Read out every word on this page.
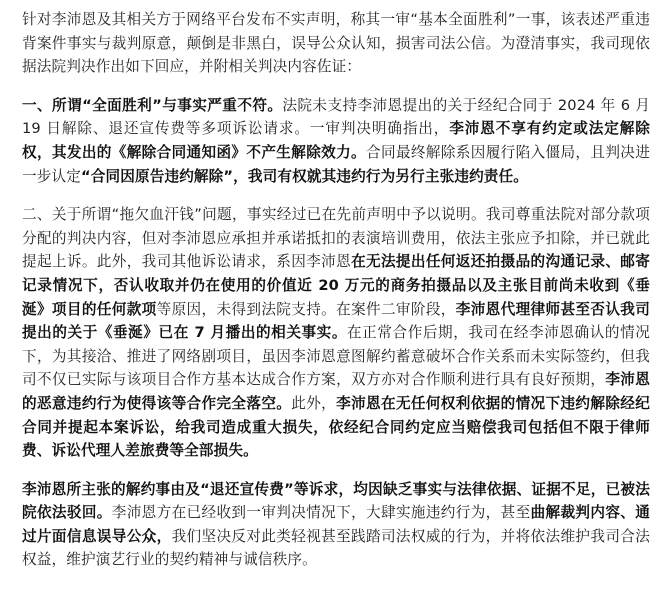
针对李沛恩及其相关方于网络平台发布不实声明，称其一审“基本全面胜利”一事，该表述严重违背案件事实与裁判原意，颠倒是非黑白，误导公众认知，损害司法公信。为澄清事实，我司现依据法院判决作出如下回应，并附相关判决内容佐证：

一、所谓“全面胜利”与事实严重不符。法院未支持李沛恩提出的关于经纪合同于 2024 年 6 月 19 日解除、退还宣传费等多项诉讼请求。一审判决明确指出，李沛恩不享有约定或法定解除权，其发出的《解除合同通知函》不产生解除效力。合同最终解除系因履行陷入僵局，且判决进一步认定“合同因原告违约解除”，我司有权就其违约行为另行主张违约责任。

二、关于所谓“拖欠血汗钱”问题，事实经过已在先前声明中予以说明。我司尊重法院对部分款项分配的判决内容，但对李沛恩应承担并承诺抵扣的表演培训费用，依法主张应予扣除，并已就此提起上诉。此外，我司其他诉讼请求，系因李沛恩在无法提出任何返还拍摄品的沟通记录、邮寄记录情况下，否认收取并仍在使用的价值近 20 万元的商务拍摄品以及主张目前尚未收到《垂涎》项目的任何款项等原因，未得到法院支持。在案件二审阶段，李沛恩代理律师甚至否认我司提出的关于《垂涎》已在 7 月播出的相关事实。在正常合作后期，我司在经李沛恩确认的情况下，为其接洽、推进了网络剧项目，虽因李沛恩意图解约蓄意破坏合作关系而未实际签约，但我司不仅已实际与该项目合作方基本达成合作方案，双方亦对合作顺利进行具有良好预期，李沛恩的恶意违约行为使得该等合作完全落空。此外，李沛恩在无任何权利依据的情况下违约解除经纪合同并提起本案诉讼，给我司造成重大损失，依经纪合同约定应当赔偿我司包括但不限于律师费、诉讼代理人差旅费等全部损失。

李沛恩所主张的解约事由及“退还宣传费”等诉求，均因缺乏事实与法律依据、证据不足，已被法院依法驳回。李沛恩方在已经收到一审判决情况下，大肆实施违约行为，甚至曲解裁判内容、通过片面信息误导公众，我们坚决反对此类轻视甚至践踏司法权威的行为，并将依法维护我司合法权益，维护演艺行业的契约精神与诚信秩序。
